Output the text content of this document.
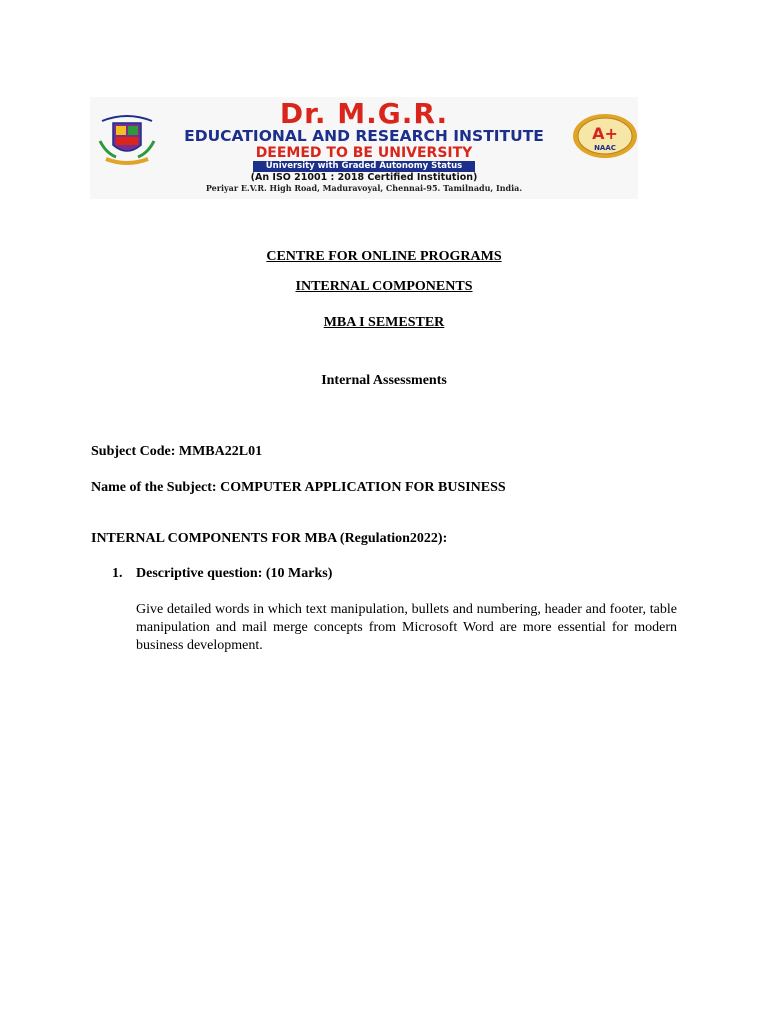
Dr. M.G.R.
EDUCATIONAL AND RESEARCH INSTITUTE
DEEMED TO BE UNIVERSITY
University with Graded Autonomy Status
(An ISO 21001 : 2018 Certified Institution)
Periyar E.V.R. High Road, Maduravoyal, Chennai-95. Tamilnadu, India.
A+
NAAC
CENTRE FOR ONLINE PROGRAMS
INTERNAL COMPONENTS
MBA I SEMESTER
Internal Assessments
Subject Code: MMBA22L01
Name of the Subject: COMPUTER APPLICATION FOR BUSINESS
INTERNAL COMPONENTS FOR MBA (Regulation2022):
1. Descriptive question: (10 Marks)
Give detailed words in which text manipulation, bullets and numbering, header and footer, table manipulation and mail merge concepts from Microsoft Word are more essential for modern business development.
